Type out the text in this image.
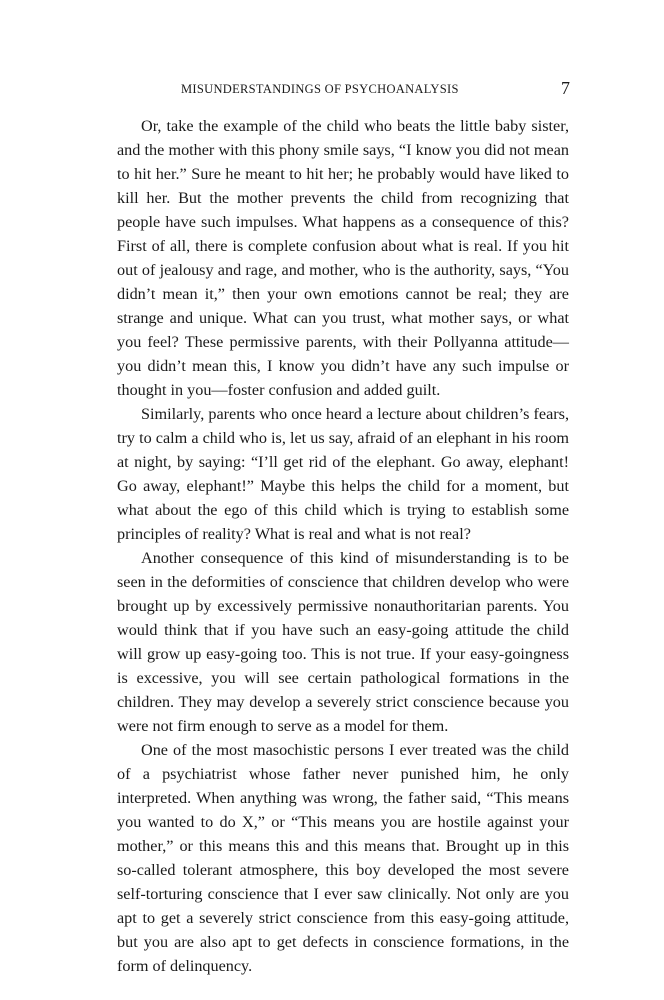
MISUNDERSTANDINGS OF PSYCHOANALYSIS	7

Or, take the example of the child who beats the little baby sister, and the mother with this phony smile says, “I know you did not mean to hit her.” Sure he meant to hit her; he probably would have liked to kill her. But the mother prevents the child from recognizing that people have such impulses. What happens as a consequence of this? First of all, there is complete confusion about what is real. If you hit out of jealousy and rage, and mother, who is the authority, says, “You didn’t mean it,” then your own emotions cannot be real; they are strange and unique. What can you trust, what mother says, or what you feel? These permissive parents, with their Pollyanna attitude—you didn’t mean this, I know you didn’t have any such impulse or thought in you—foster confusion and added guilt.

Similarly, parents who once heard a lecture about children’s fears, try to calm a child who is, let us say, afraid of an elephant in his room at night, by saying: “I’ll get rid of the elephant. Go away, elephant! Go away, elephant!” Maybe this helps the child for a moment, but what about the ego of this child which is trying to establish some principles of reality? What is real and what is not real?

Another consequence of this kind of misunderstanding is to be seen in the deformities of conscience that children develop who were brought up by excessively permissive nonauthoritarian parents. You would think that if you have such an easy-going attitude the child will grow up easy-going too. This is not true. If your easy-goingness is excessive, you will see certain pathological formations in the children. They may develop a severely strict conscience because you were not firm enough to serve as a model for them.

One of the most masochistic persons I ever treated was the child of a psychiatrist whose father never punished him, he only interpreted. When anything was wrong, the father said, “This means you wanted to do X,” or “This means you are hostile against your mother,” or this means this and this means that. Brought up in this so-called tolerant atmosphere, this boy developed the most severe self-torturing conscience that I ever saw clinically. Not only are you apt to get a severely strict conscience from this easy-going attitude, but you are also apt to get defects in conscience formations, in the form of delinquency.
